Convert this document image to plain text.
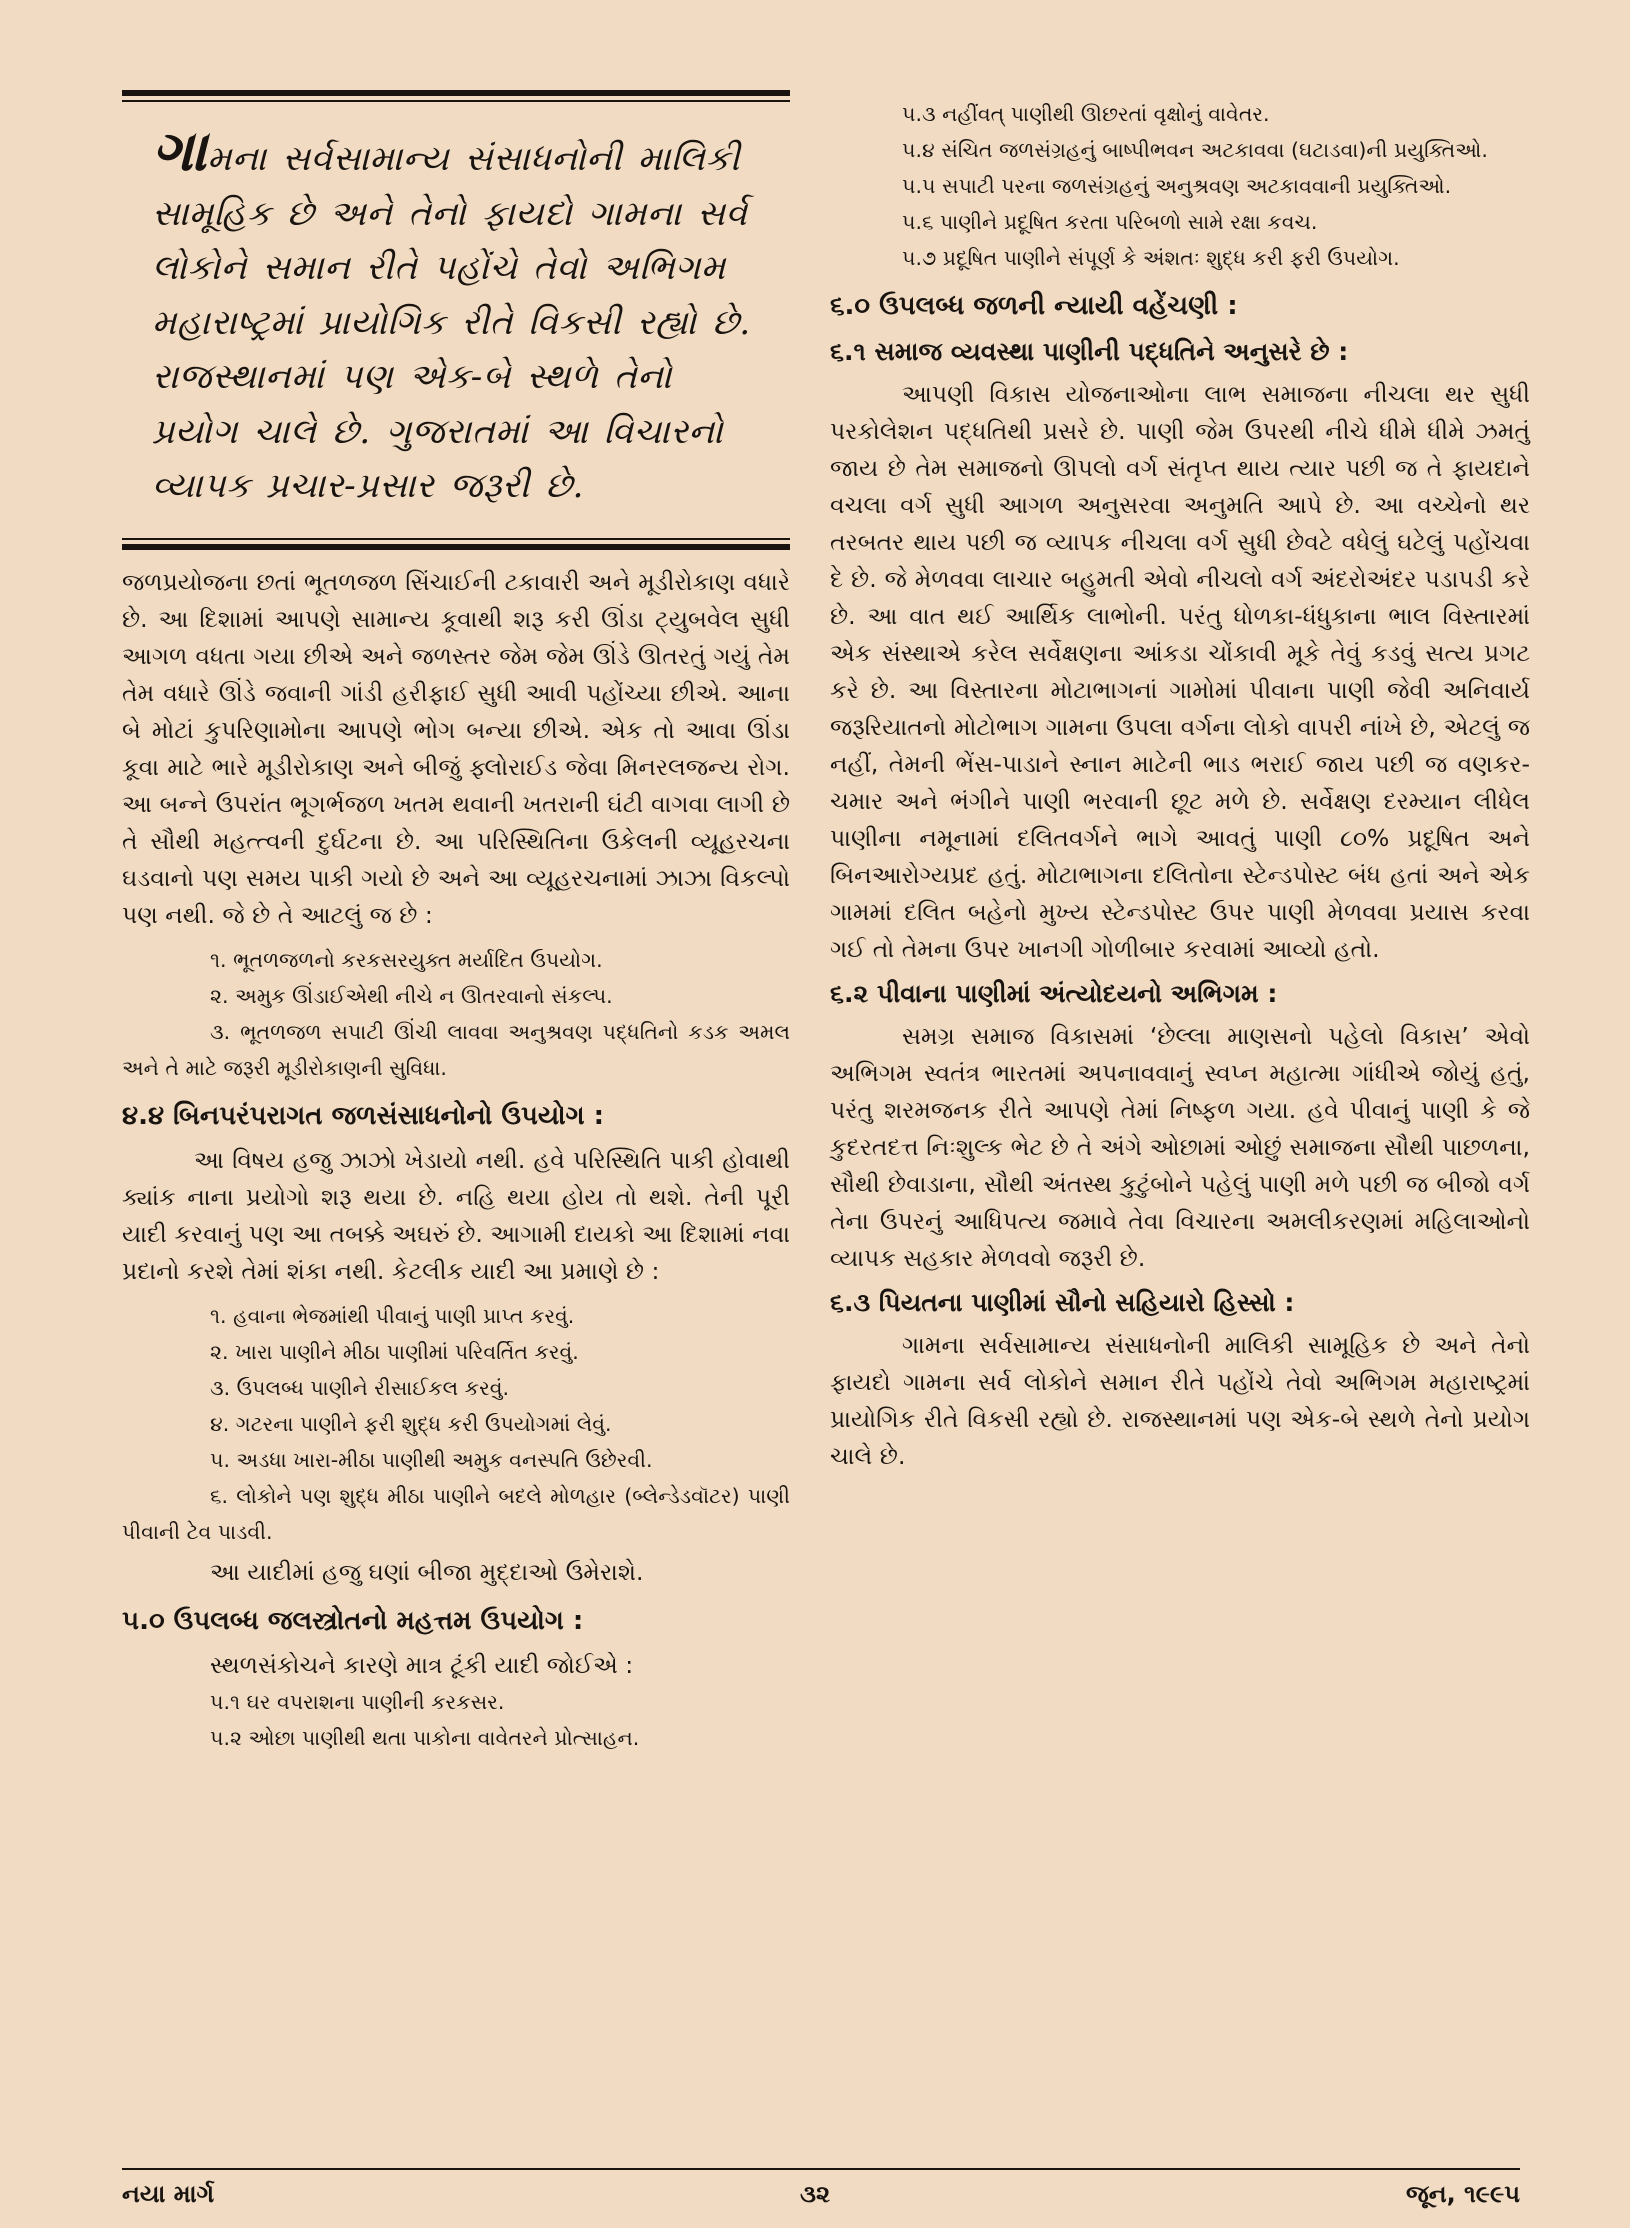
ગામના સર્વસામાન્ય સંસાધનોની માલિકી સામૂહિક છે અને તેનો ફાયદો ગામના સર્વ લોકોને સમાન રીતે પહોંચે તેવો અભિગમ મહારાષ્ટ્રમાં પ્રાયોગિક રીતે વિકસી રહ્યો છે. રાજસ્થાનમાં પણ એક-બે સ્થળે તેનો પ્રયોગ ચાલે છે. ગુજરાતમાં આ વિચારનો વ્યાપક પ્રચાર-પ્રસાર જરૂરી છે.

જળપ્રયોજના છતાં ભૂતળજળ સિંચાઈની ટકાવારી અને મૂડીરોકાણ વધારે છે. આ દિશામાં આપણે સામાન્ય કૂવાથી શરૂ કરી ઊંડા ટ્યુબવેલ સુધી આગળ વધતા ગયા છીએ અને જળસ્તર જેમ જેમ ઊંડે ઊતરતું ગયું તેમ તેમ વધારે ઊંડે જવાની ગાંડી હરીફાઈ સુધી આવી પહોંચ્યા છીએ. આના બે મોટાં કુપરિણામોના આપણે ભોગ બન્યા છીએ. એક તો આવા ઊંડા કૂવા માટે ભારે મૂડીરોકાણ અને બીજું ફ્લોરાઈડ જેવા મિનરલજન્ય રોગ. આ બન્ને ઉપરાંત ભૂગર્ભજળ ખતમ થવાની ખતરાની ઘંટી વાગવા લાગી છે તે સૌથી મહત્ત્વની દુર્ઘટના છે. આ પરિસ્થિતિના ઉકેલની વ્યૂહરચના ઘડવાનો પણ સમય પાકી ગયો છે અને આ વ્યૂહરચનામાં ઝાઝા વિકલ્પો પણ નથી. જે છે તે આટલું જ છે :

૧. ભૂતળજળનો કરકસરયુક્ત મર્યાદિત ઉપયોગ.
૨. અમુક ઊંડાઈએથી નીચે ન ઊતરવાનો સંકલ્પ.
૩. ભૂતળજળ સપાટી ઊંચી લાવવા અનુશ્રવણ પદ્ધતિનો કડક અમલ અને તે માટે જરૂરી મૂડીરોકાણની સુવિધા.
૪.૪ બિનપરંપરાગત જળસંસાધનોનો ઉપયોગ :

આ વિષય હજુ ઝાઝો ખેડાયો નથી. હવે પરિસ્થિતિ પાકી હોવાથી ક્યાંક નાના પ્રયોગો શરૂ થયા છે. નહિ થયા હોય તો થશે. તેની પૂરી યાદી કરવાનું પણ આ તબક્કે અઘરું છે. આગામી દાયકો આ દિશામાં નવા પ્રદાનો કરશે તેમાં શંકા નથી. કેટલીક યાદી આ પ્રમાણે છે :

૧. હવાના ભેજમાંથી પીવાનું પાણી પ્રાપ્ત કરવું.
૨. ખારા પાણીને મીઠા પાણીમાં પરિવર્તિત કરવું.
૩. ઉપલબ્ધ પાણીને રીસાઈકલ કરવું.
૪. ગટરના પાણીને ફરી શુદ્ધ કરી ઉપયોગમાં લેવું.
૫. અડધા ખારા-મીઠા પાણીથી અમુક વનસ્પતિ ઉછેરવી.
૬. લોકોને પણ શુદ્ધ મીઠા પાણીને બદલે મોળહાર (બ્લેન્ડેડવૉટર) પાણી પીવાની ટેવ પાડવી.

આ યાદીમાં હજુ ઘણાં બીજા મુદ્દાઓ ઉમેરાશે.

૫.૦ ઉપલબ્ધ જલસ્ત્રોતનો મહત્તમ ઉપયોગ :

સ્થળસંકોચને કારણે માત્ર ટૂંકી યાદી જોઈએ :

૫.૧ ઘર વપરાશના પાણીની કરકસર.
૫.૨ ઓછા પાણીથી થતા પાકોના વાવેતરને પ્રોત્સાહન.
૫.૩ નહીંવત્ પાણીથી ઊછરતાં વૃક્ષોનું વાવેતર.
૫.૪ સંચિત જળસંગ્રહનું બાષ્પીભવન અટકાવવા (ઘટાડવા)ની પ્રયુક્તિઓ.
૫.૫ સપાટી પરના જળસંગ્રહનું અનુશ્રવણ અટકાવવાની પ્રયુક્તિઓ.
૫.૬ પાણીને પ્રદૂષિત કરતા પરિબળો સામે રક્ષા કવચ.
૫.૭ પ્રદૂષિત પાણીને સંપૂર્ણ કે અંશતઃ શુદ્ધ કરી ફરી ઉપયોગ.
૬.૦ ઉપલબ્ધ જળની ન્યાયી વહેંચણી :
૬.૧ સમાજ વ્યવસ્થા પાણીની પદ્ધતિને અનુસરે છે :

આપણી વિકાસ યોજનાઓના લાભ સમાજના નીચલા થર સુધી પરકોલેશન પદ્ધતિથી પ્રસરે છે. પાણી જેમ ઉપરથી નીચે ધીમે ધીમે ઝમતું જાય છે તેમ સમાજનો ઊપલો વર્ગ સંતૃપ્ત થાય ત્યાર પછી જ તે ફાયદાને વચલા વર્ગ સુધી આગળ અનુસરવા અનુમતિ આપે છે. આ વચ્ચેનો થર તરબતર થાય પછી જ વ્યાપક નીચલા વર્ગ સુધી છેવટે વધેલું ઘટેલું પહોંચવા દે છે. જે મેળવવા લાચાર બહુમતી એવો નીચલો વર્ગ અંદરોઅંદર પડાપડી કરે છે. આ વાત થઈ આર્થિક લાભોની. પરંતુ ધોળકા-ધંધુકાના ભાલ વિસ્તારમાં એક સંસ્થાએ કરેલ સર્વેક્ષણના આંકડા ચોંકાવી મૂકે તેવું કડવું સત્ય પ્રગટ કરે છે. આ વિસ્તારના મોટાભાગનાં ગામોમાં પીવાના પાણી જેવી અનિવાર્ય જરૂરિયાતનો મોટોભાગ ગામના ઉપલા વર્ગના લોકો વાપરી નાંખે છે, એટલું જ નહીં, તેમની ભેંસ-પાડાને સ્નાન માટેની ભાડ ભરાઈ જાય પછી જ વણકર-ચમાર અને ભંગીને પાણી ભરવાની છૂટ મળે છે. સર્વેક્ષણ દરમ્યાન લીધેલ પાણીના નમૂનામાં દલિતવર્ગને ભાગે આવતું પાણી ૮૦% પ્રદૂષિત અને બિનઆરોગ્યપ્રદ હતું. મોટાભાગના દલિતોના સ્ટેન્ડપોસ્ટ બંધ હતાં અને એક ગામમાં દલિત બહેનો મુખ્ય સ્ટેન્ડપોસ્ટ ઉપર પાણી મેળવવા પ્રયાસ કરવા ગઈ તો તેમના ઉપર ખાનગી ગોળીબાર કરવામાં આવ્યો હતો.

૬.૨ પીવાના પાણીમાં અંત્યોદયનો અભિગમ :

સમગ્ર સમાજ વિકાસમાં ‘છેલ્લા માણસનો પહેલો વિકાસ’ એવો અભિગમ સ્વતંત્ર ભારતમાં અપનાવવાનું સ્વપ્ન મહાત્મા ગાંધીએ જોયું હતું, પરંતુ શરમજનક રીતે આપણે તેમાં નિષ્ફળ ગયા. હવે પીવાનું પાણી કે જે કુદરતદત્ત નિઃશુલ્ક ભેટ છે તે અંગે ઓછામાં ઓછું સમાજના સૌથી પાછળના, સૌથી છેવાડાના, સૌથી અંતસ્થ કુટુંબોને પહેલું પાણી મળે પછી જ બીજો વર્ગ તેના ઉપરનું આધિપત્ય જમાવે તેવા વિચારના અમલીકરણમાં મહિલાઓનો વ્યાપક સહકાર મેળવવો જરૂરી છે.

૬.૩ પિયતના પાણીમાં સૌનો સહિયારો હિસ્સો :

ગામના સર્વસામાન્ય સંસાધનોની માલિકી સામૂહિક છે અને તેનો ફાયદો ગામના સર્વ લોકોને સમાન રીતે પહોંચે તેવો અભિગમ મહારાષ્ટ્રમાં પ્રાયોગિક રીતે વિકસી રહ્યો છે. રાજસ્થાનમાં પણ એક-બે સ્થળે તેનો પ્રયોગ ચાલે છે.

નયા માર્ગ	૩૨	જૂન, ૧૯૯૫
